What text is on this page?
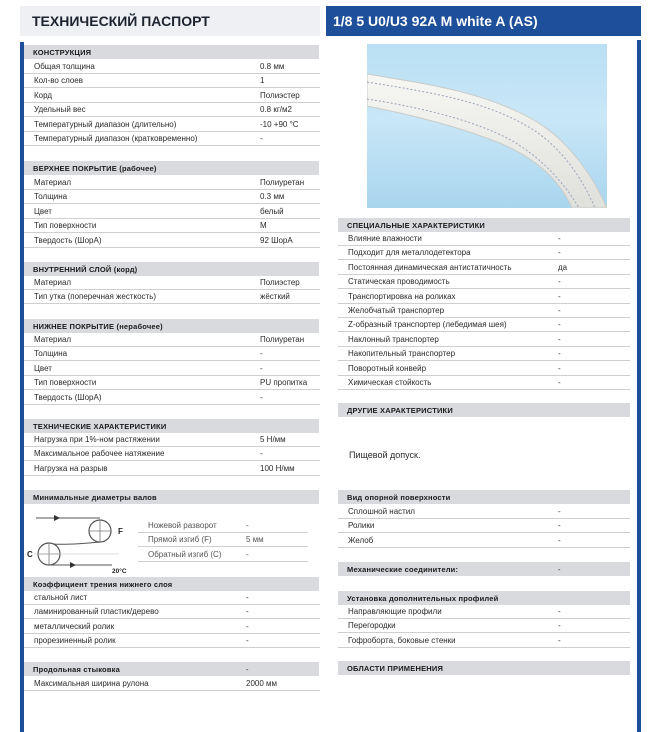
ТЕХНИЧЕСКИЙ ПАСПОРТ	1/8 5 U0/U3 92A M white A (AS)
КОНСТРУКЦИЯ
ВЕРХНЕЕ ПОКРЫТИЕ (рабочее)
ВНУТРЕННИЙ СЛОЙ (корд)
НИЖНЕЕ ПОКРЫТИЕ (нерабочее)
ТЕХНИЧЕСКИЕ ХАРАКТЕРИСТИКИ
Минимальные диаметры валов
F
C
20°C
Коэффициент трения нижнего слоя
Продольная стыковка	-
СПЕЦИАЛЬНЫЕ ХАРАКТЕРИСТИКИ
ДРУГИЕ ХАРАКТЕРИСТИКИ
Пищевой допуск.
Вид опорной поверхности
Механические соединители:	-
Установка дополнительных профилей
ОБЛАСТИ ПРИМЕНЕНИЯ
Общая толщина	0.8 мм
Кол-во слоев	1
Корд	Полиэстер
Удельный вес	0.8 кг/м2
Температурный диапазон (длительно)	-10 +90 °C
Температурный диапазон (кратковременно)	-
Материал	Полиуретан
Толщина	0.3 мм
Цвет	белый
Тип поверхности	M
Твердость (ШорА)	92 ШорА
Материал	Полиэстер
Тип утка (поперечная жесткость)	жёсткий
Материал	Полиуретан
Толщина	-
Цвет	-
Тип поверхности	PU пропитка
Твердость (ШорА)	-
Нагрузка при 1%-ном растяжении	5 Н/мм
Максимальное рабочее натяжение	-
Нагрузка на разрыв	100 Н/мм
Ножевой разворот	-
Прямой изгиб (F)	5 мм
Обратный изгиб (C)	-
стальной лист	-
ламинированный пластик/дерево	-
металлический ролик	-
прорезиненный ролик	-
Максимальная ширина рулона	2000 мм
Влияние влажности	-
Подходит для металлодетектора	-
Постоянная динамическая антистатичность	да
Статическая проводимость	-
Транспортировка на роликах	-
Желобчатый транспортер	-
Z-образный транспортер (лебедимая шея)	-
Наклонный транспортер	-
Накопительный транспортер	-
Поворотный конвейр	-
Химическая стойкость	-
Сплошной настил	-
Ролики	-
Желоб	-
Направляющие профили	-
Перегородки	-
Гофроборта, боковые стенки	-
